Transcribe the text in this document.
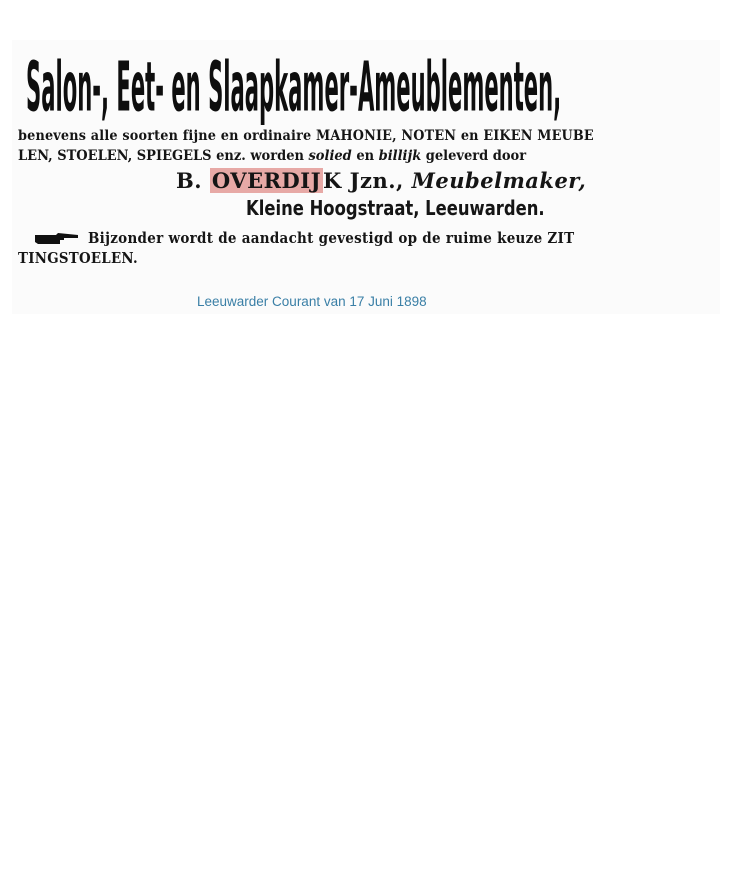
Salon-, Eet- en Slaapkamer-Ameublementen,
benevens alle soorten fijne en ordinaire MAHONIE, NOTEN en EIKEN MEUBE
LEN, STOELEN, SPIEGELS enz. worden solied en billijk geleverd door
B. OVERDIJK Jzn., Meubelmaker,
Kleine Hoogstraat, Leeuwarden.
Bijzonder wordt de aandacht gevestigd op de ruime keuze ZIT
TINGSTOELEN.
Leeuwarder Courant van 17 Juni 1898
